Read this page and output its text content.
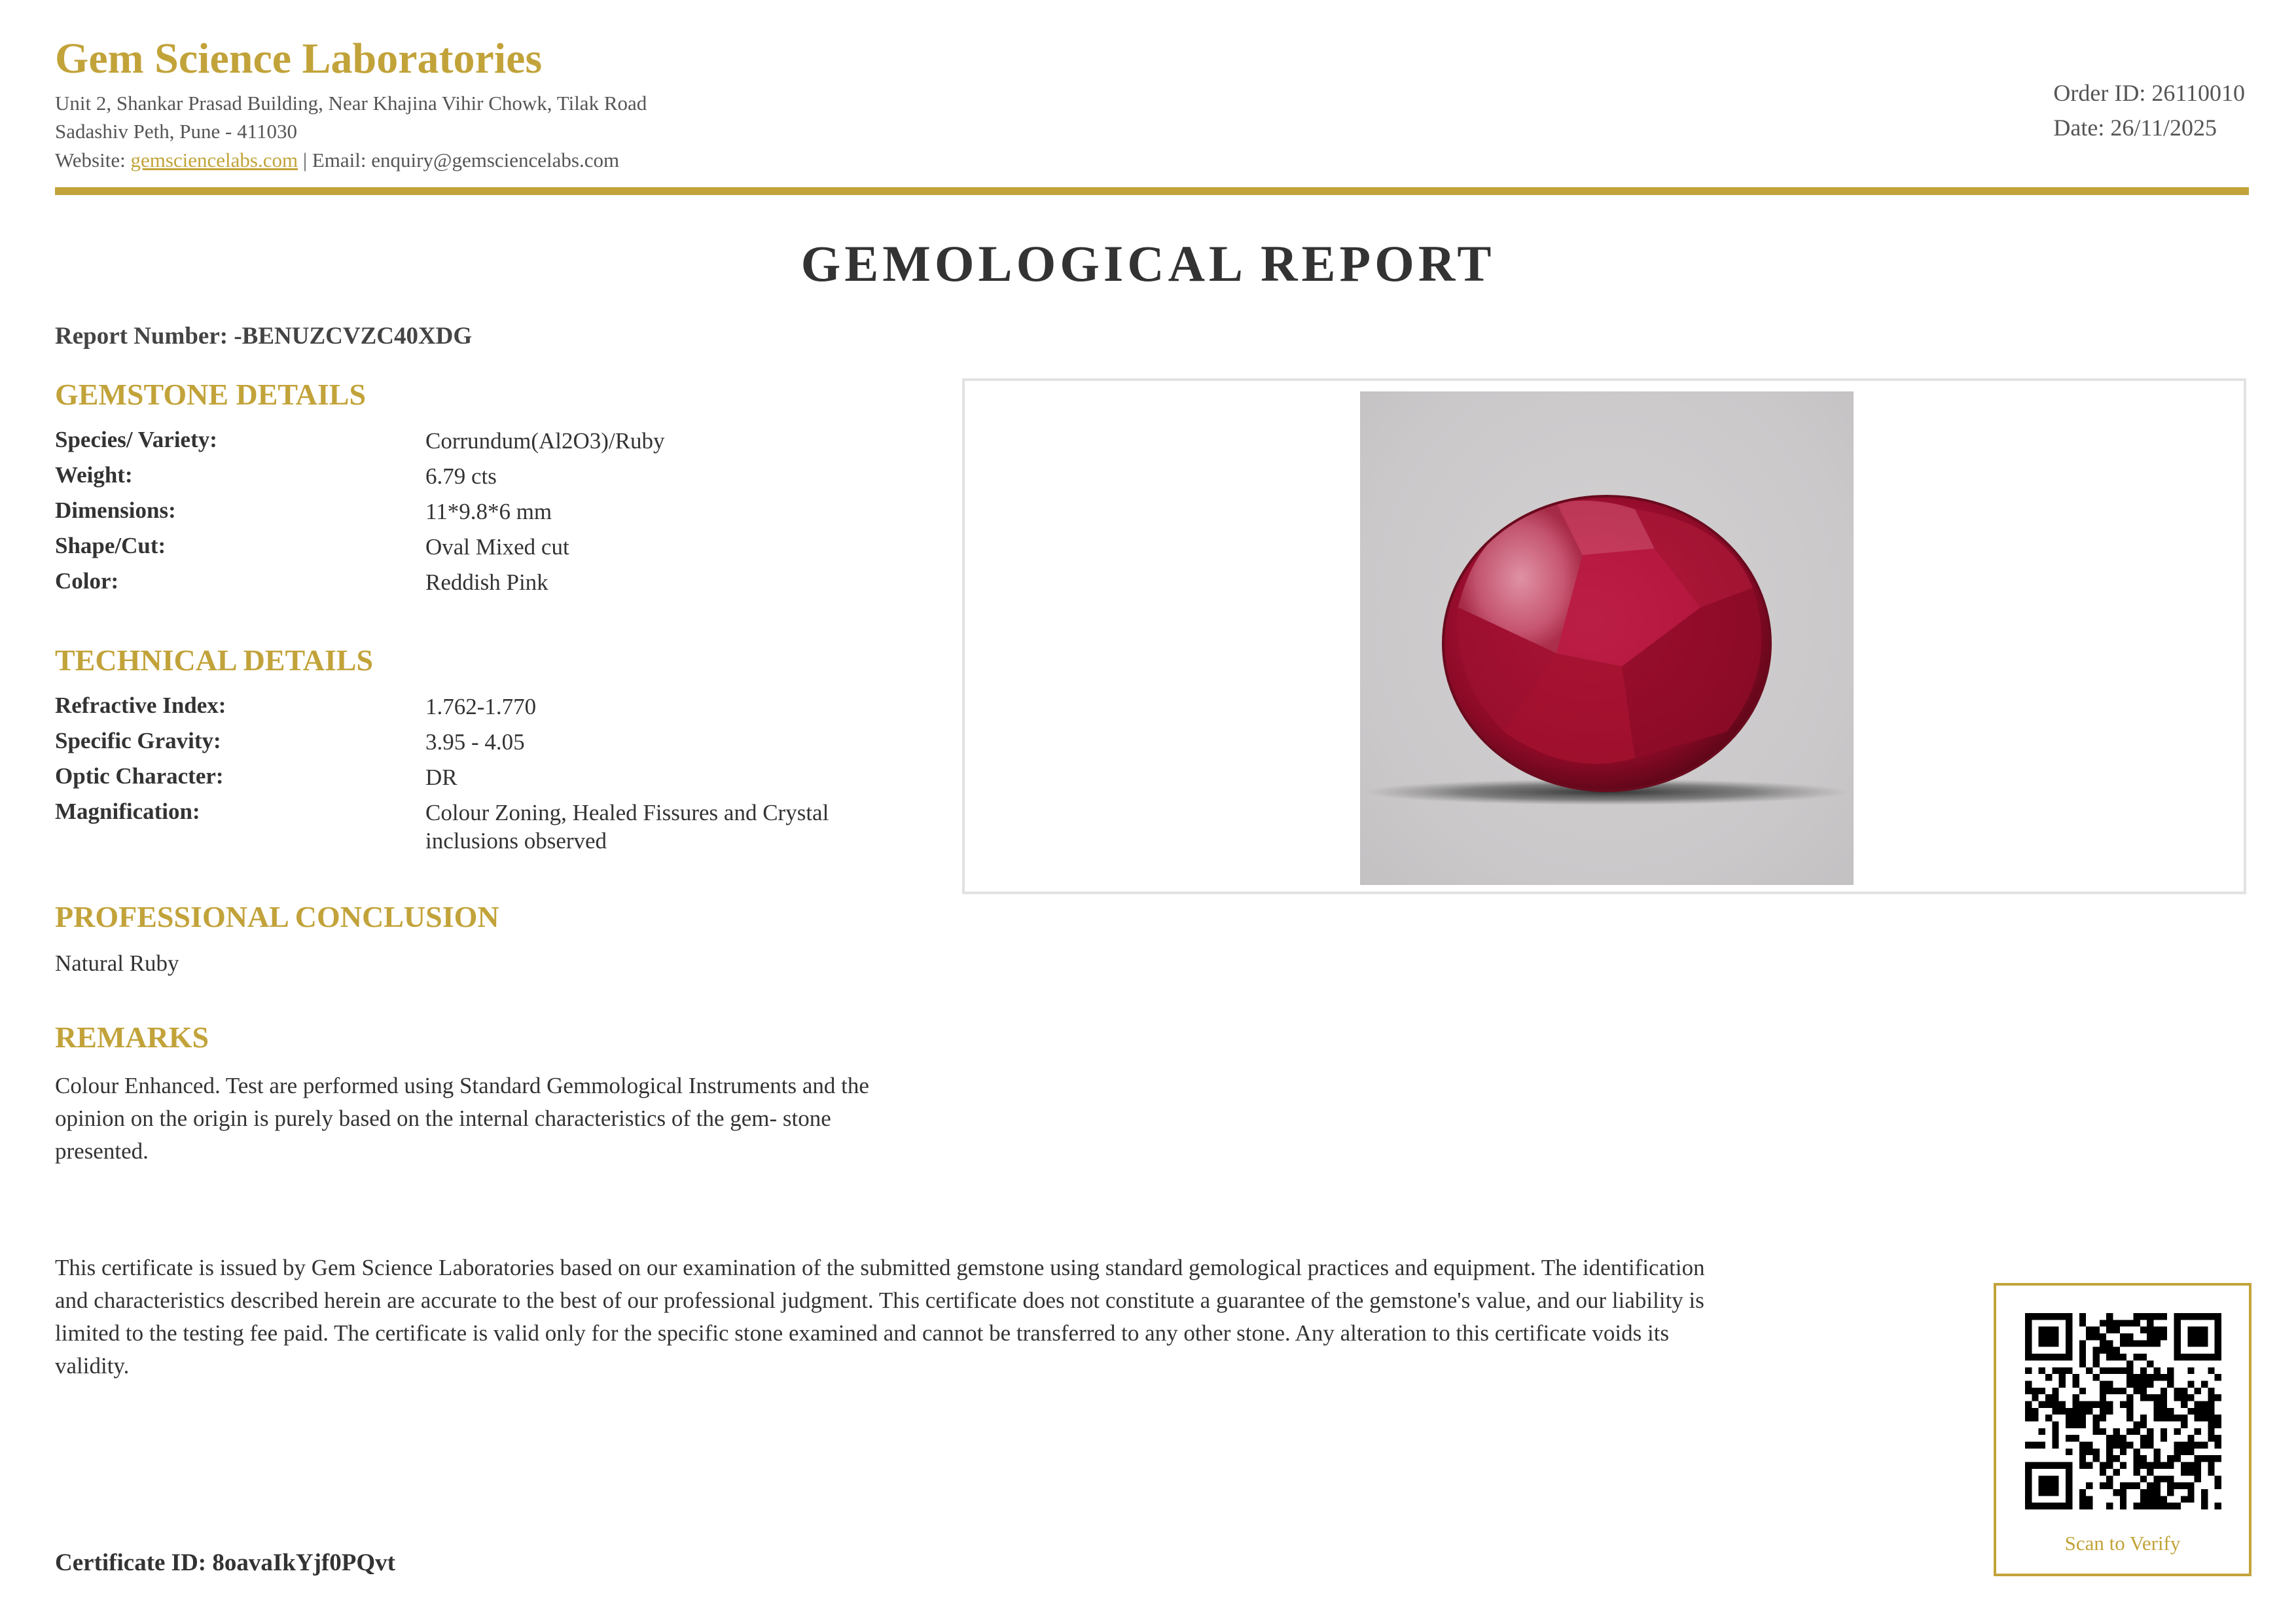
Gem Science Laboratories
Unit 2, Shankar Prasad Building, Near Khajina Vihir Chowk, Tilak Road
Sadashiv Peth, Pune - 411030
Website: gemsciencelabs.com | Email: enquiry@gemsciencelabs.com
Order ID: 26110010
Date: 26/11/2025
GEMOLOGICAL REPORT
Report Number: -BENUZCVZC40XDG
GEMSTONE DETAILS
Species/ Variety:	Corrundum(Al2O3)/Ruby
Weight:	6.79 cts
Dimensions:	11*9.8*6 mm
Shape/Cut:	Oval Mixed cut
Color:	Reddish Pink
TECHNICAL DETAILS
Refractive Index:	1.762-1.770
Specific Gravity:	3.95 - 4.05
Optic Character:	DR
Magnification:	Colour Zoning, Healed Fissures and Crystal inclusions observed
PROFESSIONAL CONCLUSION
Natural Ruby
REMARKS
Colour Enhanced. Test are performed using Standard Gemmological Instruments and the opinion on the origin is purely based on the internal characteristics of the gem- stone presented.
This certificate is issued by Gem Science Laboratories based on our examination of the submitted gemstone using standard gemological practices and equipment. The identification and characteristics described herein are accurate to the best of our professional judgment. This certificate does not constitute a guarantee of the gemstone's value, and our liability is limited to the testing fee paid. The certificate is valid only for the specific stone examined and cannot be transferred to any other stone. Any alteration to this certificate voids its validity.
Certificate ID: 8oavaIkYjf0PQvt
Scan to Verify
